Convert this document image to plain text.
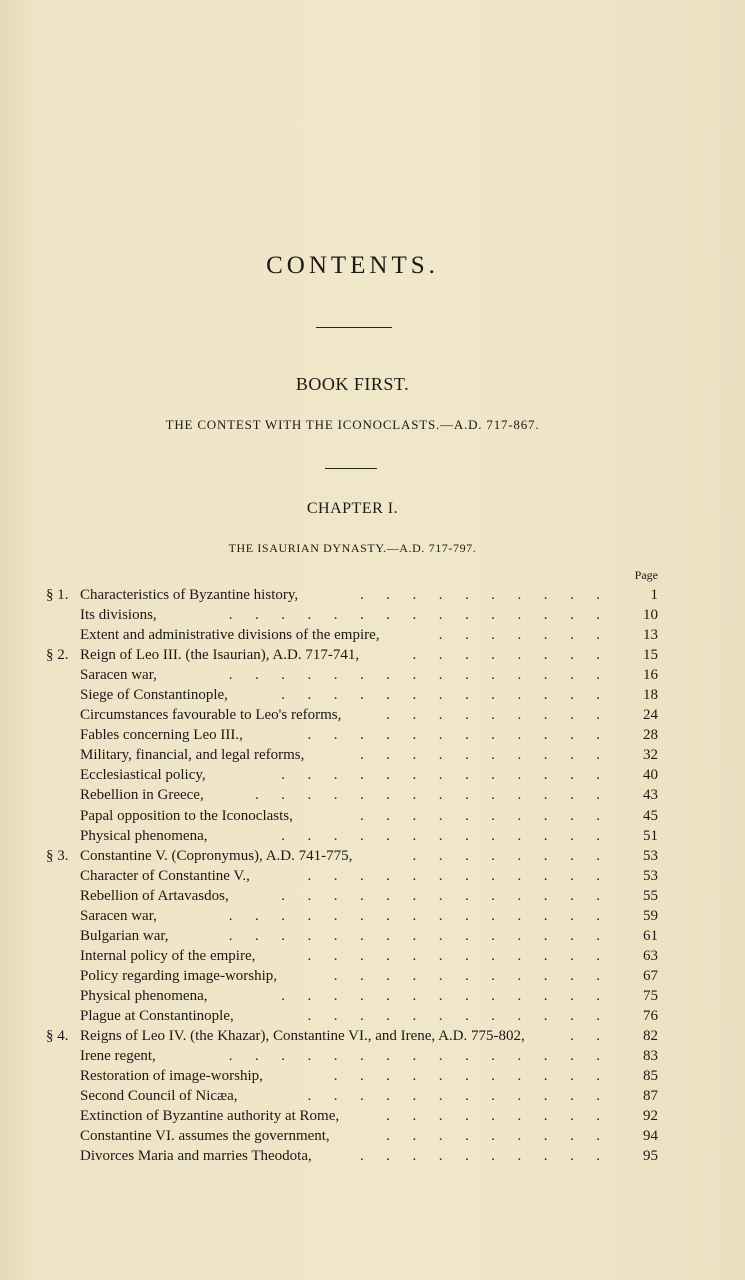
CONTENTS.
BOOK FIRST.
THE CONTEST WITH THE ICONOCLASTS.—A.D. 717-867.
CHAPTER I.
THE ISAURIAN DYNASTY.—A.D. 717-797.
Page
.      .      .      .      .      .      .      .      .      .
§ 1. Characteristics of Byzantine history,	1
.      .      .      .      .      .      .      .      .      .      .      .      .      .      .
Its divisions,	10
.      .      .      .      .      .      .
Extent and administrative divisions of the empire,	13
.      .      .      .      .      .      .      .
§ 2. Reign of Leo III. (the Isaurian), A.D. 717-741,	15
.      .      .      .      .      .      .      .      .      .      .      .      .      .      .
Saracen war,	16
.      .      .      .      .      .      .      .      .      .      .      .      .
Siege of Constantinople,	18
.      .      .      .      .      .      .      .      .
Circumstances favourable to Leo's reforms,	24
.      .      .      .      .      .      .      .      .      .      .      .
Fables concerning Leo III.,	28
.      .      .      .      .      .      .      .      .      .
Military, financial, and legal reforms,	32
.      .      .      .      .      .      .      .      .      .      .      .      .
Ecclesiastical policy,	40
.      .      .      .      .      .      .      .      .      .      .      .      .      .
Rebellion in Greece,	43
.      .      .      .      .      .      .      .      .      .
Papal opposition to the Iconoclasts,	45
.      .      .      .      .      .      .      .      .      .      .      .      .
Physical phenomena,	51
.      .      .      .      .      .      .      .
§ 3. Constantine V. (Copronymus), A.D. 741-775,	53
.      .      .      .      .      .      .      .      .      .      .      .
Character of Constantine V.,	53
.      .      .      .      .      .      .      .      .      .      .      .      .
Rebellion of Artavasdos,	55
.      .      .      .      .      .      .      .      .      .      .      .      .      .      .
Saracen war,	59
.      .      .      .      .      .      .      .      .      .      .      .      .      .      .
Bulgarian war,	61
.      .      .      .      .      .      .      .      .      .      .      .
Internal policy of the empire,	63
.      .      .      .      .      .      .      .      .      .      .
Policy regarding image-worship,	67
.      .      .      .      .      .      .      .      .      .      .      .      .
Physical phenomena,	75
.      .      .      .      .      .      .      .      .      .      .      .
Plague at Constantinople,	76
.      .
§ 4. Reigns of Leo IV. (the Khazar), Constantine VI., and Irene, A.D. 775-802,	82
.      .      .      .      .      .      .      .      .      .      .      .      .      .      .
Irene regent,	83
.      .      .      .      .      .      .      .      .      .      .
Restoration of image-worship,	85
.      .      .      .      .      .      .      .      .      .      .      .
Second Council of Nicæa,	87
.      .      .      .      .      .      .      .      .
Extinction of Byzantine authority at Rome,	92
.      .      .      .      .      .      .      .      .
Constantine VI. assumes the government,	94
.      .      .      .      .      .      .      .      .      .
Divorces Maria and marries Theodota,	95
